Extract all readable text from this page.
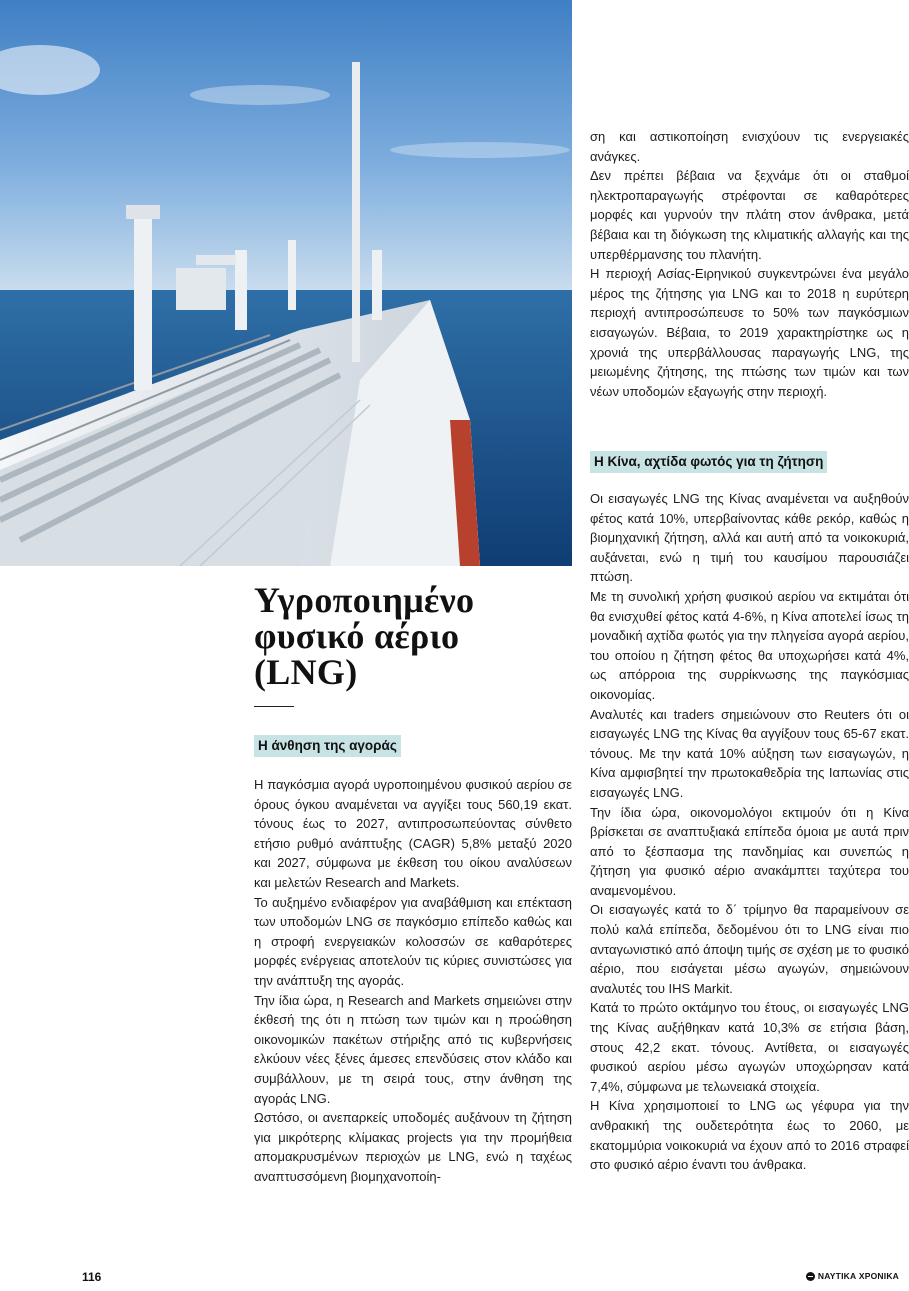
Υγροποιημένο
φυσικό αέριο
(LNG)
Η άνθηση της αγοράς

Η παγκόσμια αγορά υγροποιημένου φυσικού αερίου σε όρους όγκου αναμένεται να αγγίξει τους 560,19 εκατ. τόνους έως το 2027, αντιπροσωπεύοντας σύνθετο ετήσιο ρυθμό ανάπτυξης (CAGR) 5,8% μεταξύ 2020 και 2027, σύμφωνα με έκθεση του οίκου αναλύσεων και μελετών Research and Markets.

Το αυξημένο ενδιαφέρον για αναβάθμιση και επέκταση των υποδομών LNG σε παγκόσμιο επίπεδο καθώς και η στροφή ενεργειακών κολοσσών σε καθαρότερες μορφές ενέργειας αποτελούν τις κύριες συνιστώσες για την ανάπτυξη της αγοράς.

Την ίδια ώρα, η Research and Markets σημειώνει στην έκθεσή της ότι η πτώση των τιμών και η προώθηση οικονομικών πακέτων στήριξης από τις κυβερνήσεις ελκύουν νέες ξένες άμεσες επενδύσεις στον κλάδο και συμβάλλουν, με τη σειρά τους, στην άνθηση της αγοράς LNG.

Ωστόσο, οι ανεπαρκείς υποδομές αυξάνουν τη ζήτηση για μικρότερης κλίμακας projects για την προμήθεια απομακρυσμένων περιοχών με LNG, ενώ η ταχέως αναπτυσσόμενη βιομηχανοποίη-

ση και αστικοποίηση ενισχύουν τις ενεργειακές ανάγκες.

Δεν πρέπει βέβαια να ξεχνάμε ότι οι σταθμοί ηλεκτροπαραγωγής στρέφονται σε καθαρότερες μορφές και γυρνούν την πλάτη στον άνθρακα, μετά βέβαια και τη διόγκωση της κλιματικής αλλαγής και της υπερθέρμανσης του πλανήτη.

Η περιοχή Ασίας-Ειρηνικού συγκεντρώνει ένα μεγάλο μέρος της ζήτησης για LNG και το 2018 η ευρύτερη περιοχή αντιπροσώπευσε το 50% των παγκόσμιων εισαγωγών. Βέβαια, το 2019 χαρακτηρίστηκε ως η χρονιά της υπερβάλλουσας παραγωγής LNG, της μειωμένης ζήτησης, της πτώσης των τιμών και των νέων υποδομών εξαγωγής στην περιοχή.

Η Κίνα, αχτίδα φωτός για τη ζήτηση

Οι εισαγωγές LNG της Κίνας αναμένεται να αυξηθούν φέτος κατά 10%, υπερβαίνοντας κάθε ρεκόρ, καθώς η βιομηχανική ζήτηση, αλλά και αυτή από τα νοικοκυριά, αυξάνεται, ενώ η τιμή του καυσίμου παρουσιάζει πτώση.

Με τη συνολική χρήση φυσικού αερίου να εκτιμάται ότι θα ενισχυθεί φέτος κατά 4-6%, η Κίνα αποτελεί ίσως τη μοναδική αχτίδα φωτός για την πληγείσα αγορά αερίου, του οποίου η ζήτηση φέτος θα υποχωρήσει κατά 4%, ως απόρροια της συρρίκνωσης της παγκόσμιας οικονομίας.

Αναλυτές και traders σημειώνουν στο Reuters ότι οι εισαγωγές LNG της Κίνας θα αγγίξουν τους 65-67 εκατ. τόνους. Με την κατά 10% αύξηση των εισαγωγών, η Κίνα αμφισβητεί την πρωτοκαθεδρία της Ιαπωνίας στις εισαγωγές LNG.

Την ίδια ώρα, οικονομολόγοι εκτιμούν ότι η Κίνα βρίσκεται σε αναπτυξιακά επίπεδα όμοια με αυτά πριν από το ξέσπασμα της πανδημίας και συνεπώς η ζήτηση για φυσικό αέριο ανακάμπτει ταχύτερα του αναμενομένου.

Οι εισαγωγές κατά το δ΄ τρίμηνο θα παραμείνουν σε πολύ καλά επίπεδα, δεδομένου ότι το LNG είναι πιο ανταγωνιστικό από άποψη τιμής σε σχέση με το φυσικό αέριο, που εισάγεται μέσω αγωγών, σημειώνουν αναλυτές του IHS Markit.

Κατά το πρώτο οκτάμηνο του έτους, οι εισαγωγές LNG της Κίνας αυξήθηκαν κατά 10,3% σε ετήσια βάση, στους 42,2 εκατ. τόνους. Αντίθετα, οι εισαγωγές φυσικού αερίου μέσω αγωγών υποχώρησαν κατά 7,4%, σύμφωνα με τελωνειακά στοιχεία.

Η Κίνα χρησιμοποιεί το LNG ως γέφυρα για την ανθρακική της ουδετερότητα έως το 2060, με εκατομμύρια νοικοκυριά να έχουν από το 2016 στραφεί στο φυσικό αέριο έναντι του άνθρακα.

116	ΝΑΥΤΙΚΑ ΧΡΟΝΙΚΑ
